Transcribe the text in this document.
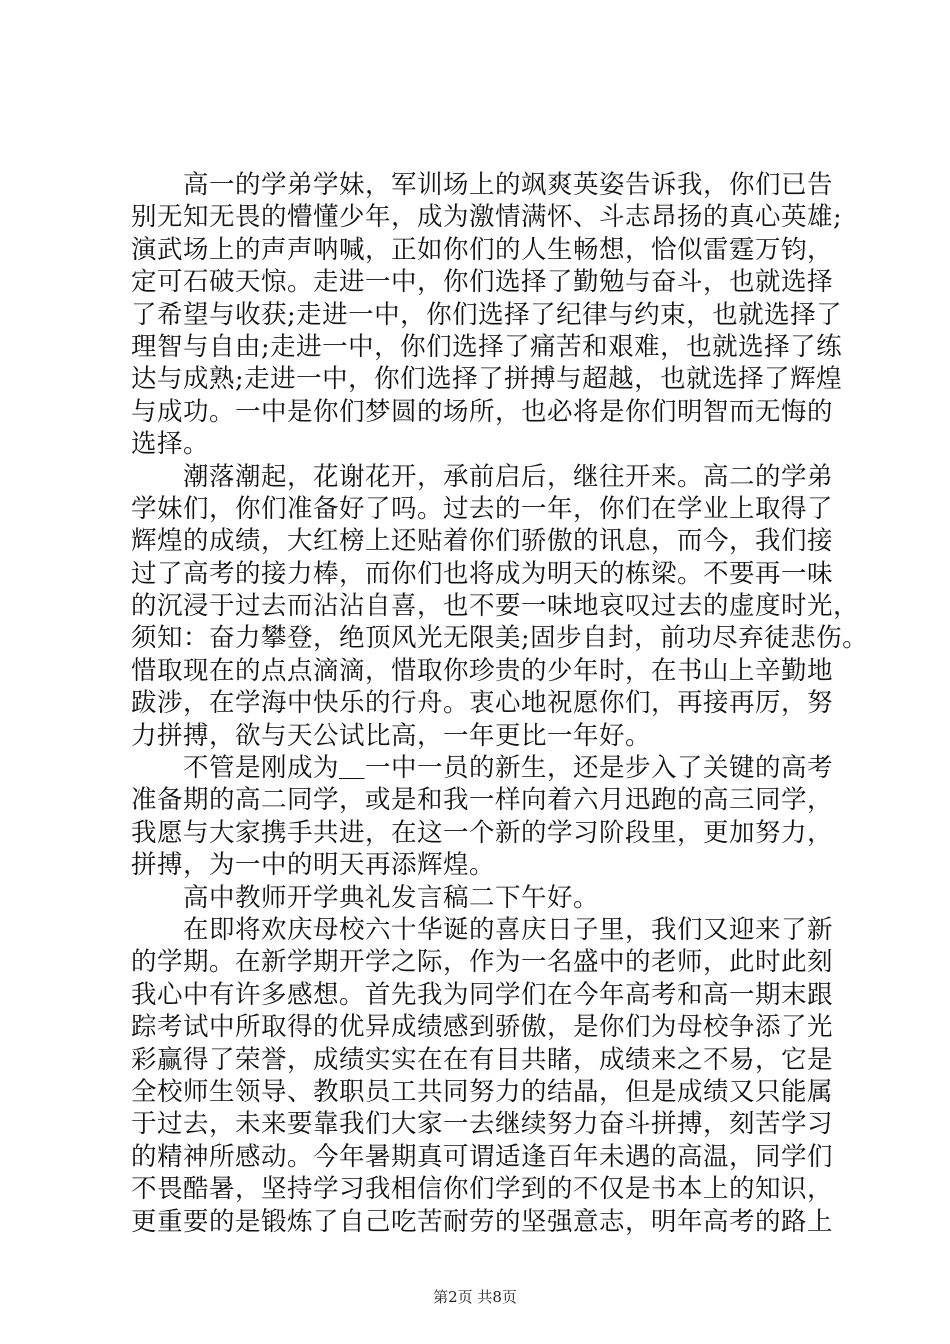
高一的学弟学妹，军训场上的飒爽英姿告诉我，你们已告
别无知无畏的懵懂少年，成为激情满怀、斗志昂扬的真心英雄;
演武场上的声声呐喊，正如你们的人生畅想，恰似雷霆万钧，
定可石破天惊。走进一中，你们选择了勤勉与奋斗，也就选择
了希望与收获;走进一中，你们选择了纪律与约束，也就选择了
理智与自由;走进一中，你们选择了痛苦和艰难，也就选择了练
达与成熟;走进一中，你们选择了拼搏与超越，也就选择了辉煌
与成功。一中是你们梦圆的场所，也必将是你们明智而无悔的
选择。
潮落潮起，花谢花开，承前启后，继往开来。高二的学弟
学妹们，你们准备好了吗。过去的一年，你们在学业上取得了
辉煌的成绩，大红榜上还贴着你们骄傲的讯息，而今，我们接
过了高考的接力棒，而你们也将成为明天的栋梁。不要再一味
的沉浸于过去而沾沾自喜，也不要一味地哀叹过去的虚度时光，
须知：奋力攀登，绝顶风光无限美;固步自封，前功尽弃徒悲伤。
惜取现在的点点滴滴，惜取你珍贵的少年时，在书山上辛勤地
跋涉，在学海中快乐的行舟。衷心地祝愿你们，再接再厉，努
力拼搏，欲与天公试比高，一年更比一年好。
不管是刚成为＿一中一员的新生，还是步入了关键的高考
准备期的高二同学，或是和我一样向着六月迅跑的高三同学，
我愿与大家携手共进，在这一个新的学习阶段里，更加努力，
拼搏，为一中的明天再添辉煌。
高中教师开学典礼发言稿二下午好。
在即将欢庆母校六十华诞的喜庆日子里，我们又迎来了新
的学期。在新学期开学之际，作为一名盛中的老师，此时此刻
我心中有许多感想。首先我为同学们在今年高考和高一期末跟
踪考试中所取得的优异成绩感到骄傲，是你们为母校争添了光
彩赢得了荣誉，成绩实实在在有目共睹，成绩来之不易，它是
全校师生领导、教职员工共同努力的结晶，但是成绩又只能属
于过去，未来要靠我们大家一去继续努力奋斗拼搏，刻苦学习
的精神所感动。今年暑期真可谓适逢百年未遇的高温，同学们
不畏酷暑，坚持学习我相信你们学到的不仅是书本上的知识，
更重要的是锻炼了自己吃苦耐劳的坚强意志，明年高考的路上
第2页 共8页
